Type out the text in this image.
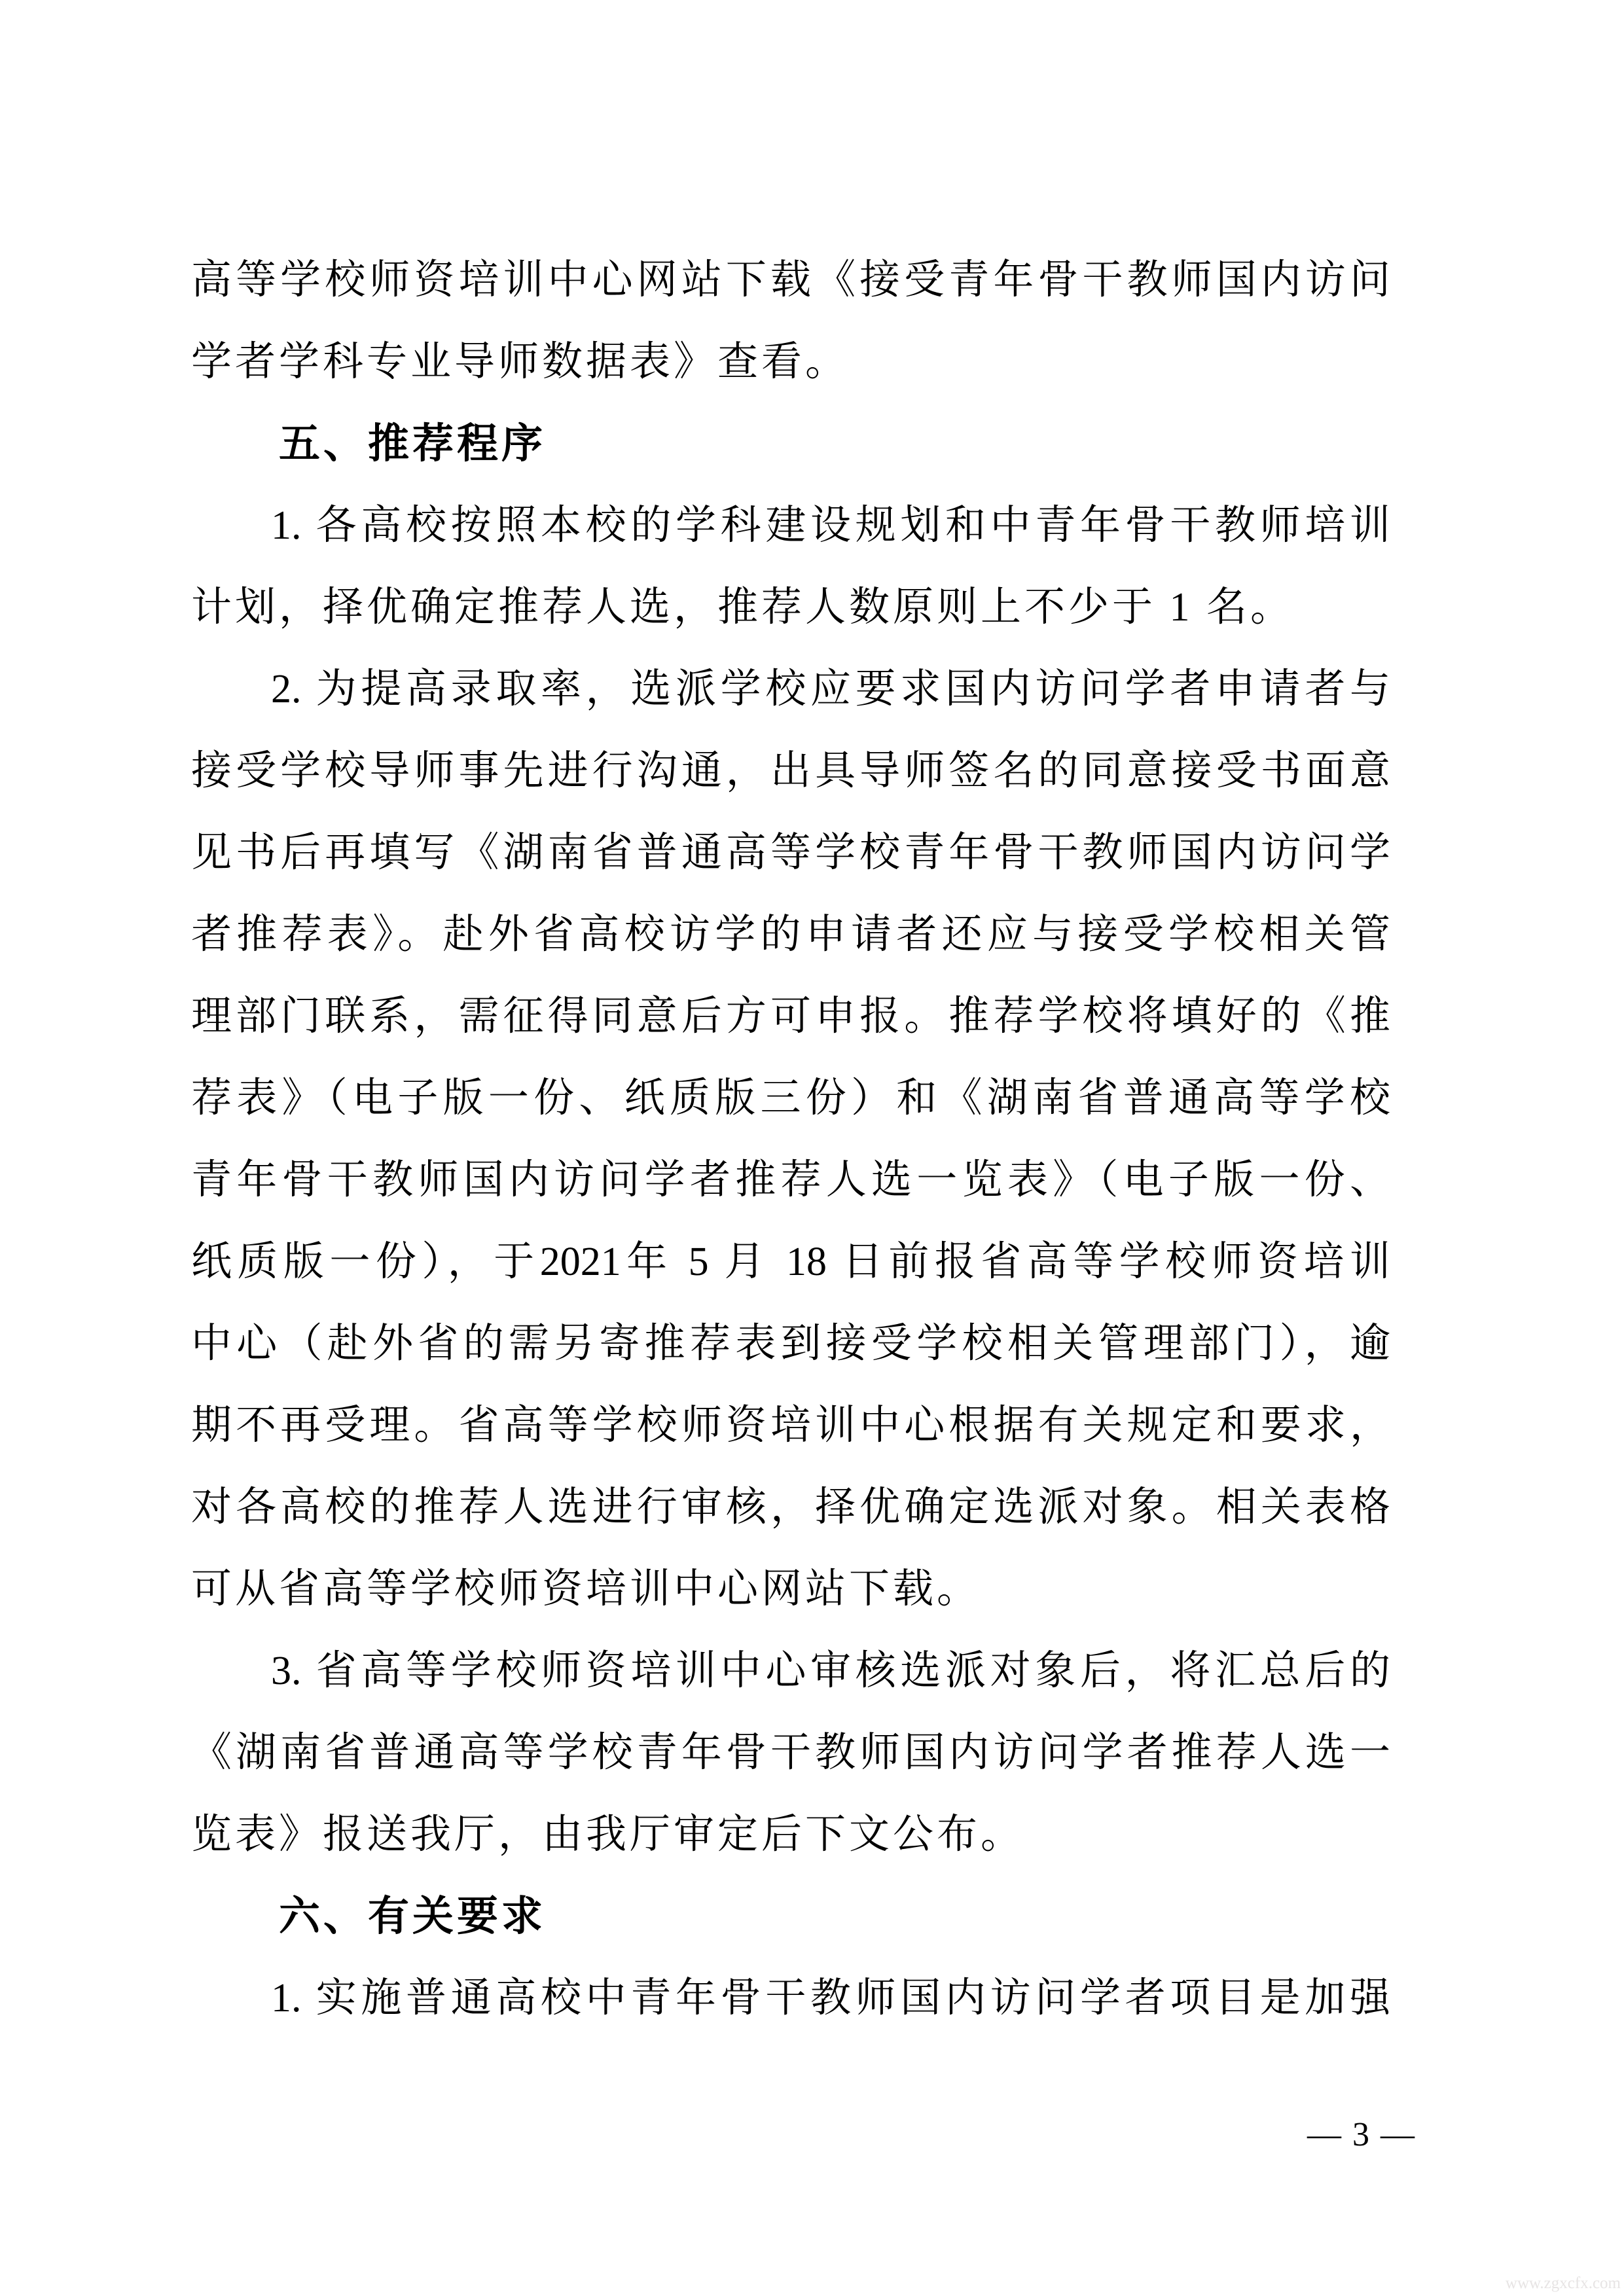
高等学校师资培训中心网站下载《接受青年骨干教师国内访问
学者学科专业导师数据表》查看。
五、推荐程序
1. 各高校按照本校的学科建设规划和中青年骨干教师培训
计划，择优确定推荐人选，推荐人数原则上不少于 1 名。
2. 为提高录取率，选派学校应要求国内访问学者申请者与
接受学校导师事先进行沟通，出具导师签名的同意接受书面意
见书后再填写《湖南省普通高等学校青年骨干教师国内访问学
者推荐表》。赴外省高校访学的申请者还应与接受学校相关管
理部门联系，需征得同意后方可申报。推荐学校将填好的《推
荐表》（电子版一份、纸质版三份）和《湖南省普通高等学校
青年骨干教师国内访问学者推荐人选一览表》（电子版一份、
纸质版一份），于2021年 5 月 18 日前报省高等学校师资培训
中心（赴外省的需另寄推荐表到接受学校相关管理部门），逾
期不再受理。省高等学校师资培训中心根据有关规定和要求，
对各高校的推荐人选进行审核，择优确定选派对象。相关表格
可从省高等学校师资培训中心网站下载。
3. 省高等学校师资培训中心审核选派对象后，将汇总后的
《湖南省普通高等学校青年骨干教师国内访问学者推荐人选一
览表》报送我厅，由我厅审定后下文公布。
六、有关要求
1. 实施普通高校中青年骨干教师国内访问学者项目是加强
— 3 —
www.zgxcfx.com
